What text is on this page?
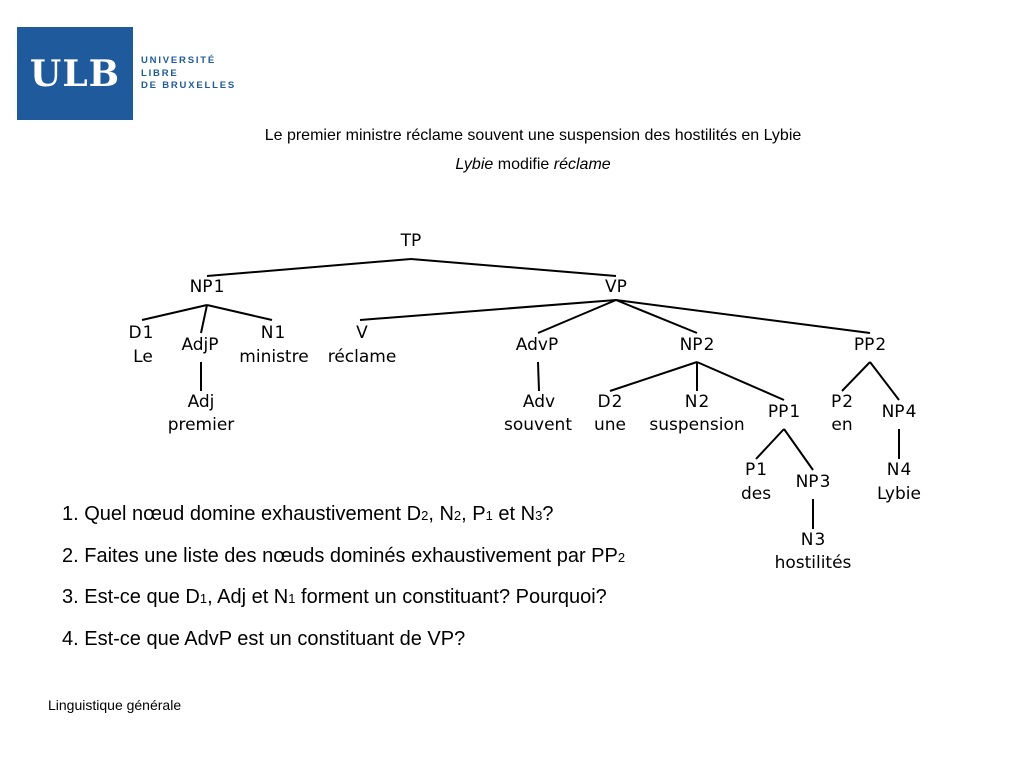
ULB UNIVERSITÉ
LIBRE
DE BRUXELLES
Le premier ministre réclame souvent une suspension des hostilités en Lybie
Lybie modifie réclame
TP
NP1	VP
D1
Le
AdjP
N1
ministre
Adj
premier
V
réclame
AdvP
Adv
souvent
NP2
D2
une
N2
suspension
PP1
P1
des
NP3
N3
hostilités
PP2
P2
en
NP4
N4
Lybie
1. Quel nœud domine exhaustivement D2, N2, P1 et N3?
2. Faites une liste des nœuds dominés exhaustivement par PP2
3. Est-ce que D1, Adj et N1 forment un constituant? Pourquoi?
4. Est-ce que AdvP est un constituant de VP?
Linguistique générale
